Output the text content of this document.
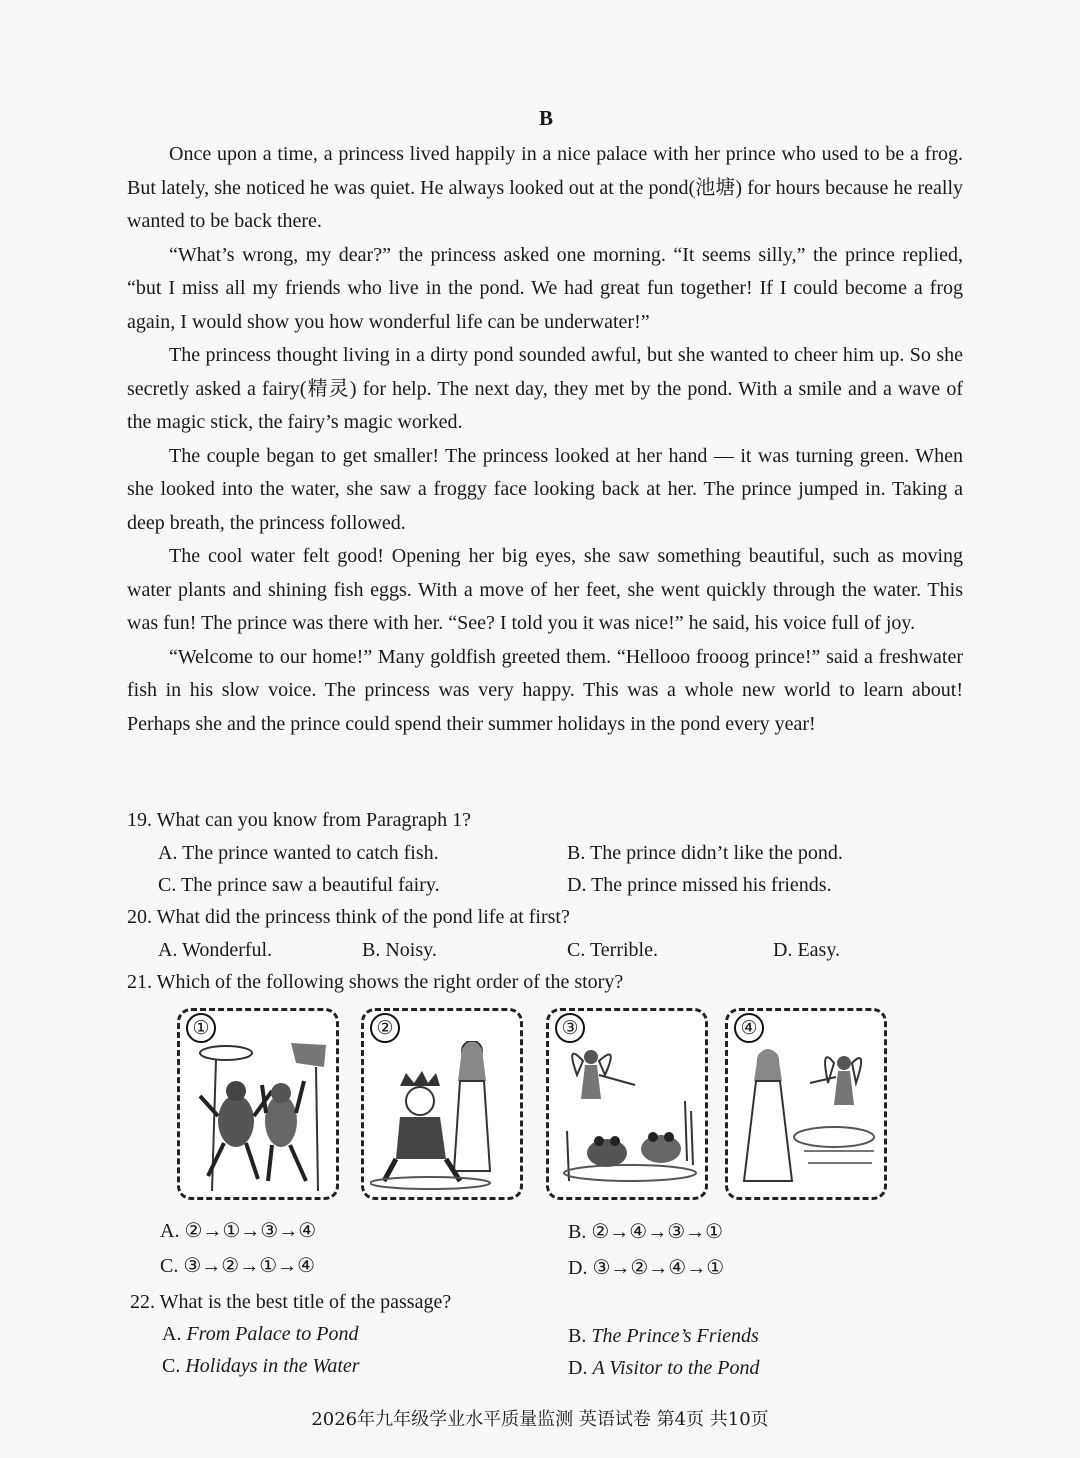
B

Once upon a time, a princess lived happily in a nice palace with her prince who used to be a frog. But lately, she noticed he was quiet. He always looked out at the pond(池塘) for hours because he really wanted to be back there.

“What’s wrong, my dear?” the princess asked one morning. “It seems silly,” the prince replied, “but I miss all my friends who live in the pond. We had great fun together! If I could become a frog again, I would show you how wonderful life can be underwater!”

The princess thought living in a dirty pond sounded awful, but she wanted to cheer him up. So she secretly asked a fairy(精灵) for help. The next day, they met by the pond. With a smile and a wave of the magic stick, the fairy’s magic worked.

The couple began to get smaller! The princess looked at her hand — it was turning green. When she looked into the water, she saw a froggy face looking back at her. The prince jumped in. Taking a deep breath, the princess followed.

The cool water felt good! Opening her big eyes, she saw something beautiful, such as moving water plants and shining fish eggs. With a move of her feet, she went quickly through the water. This was fun! The prince was there with her. “See? I told you it was nice!” he said, his voice full of joy.

“Welcome to our home!” Many goldfish greeted them. “Hellooo frooog prince!” said a freshwater fish in his slow voice. The princess was very happy. This was a whole new world to learn about! Perhaps she and the prince could spend their summer holidays in the pond every year!

19. What can you know from Paragraph 1?
A. The prince wanted to catch fish.	B. The prince didn’t like the pond.
C. The prince saw a beautiful fairy.	D. The prince missed his friends.
20. What did the princess think of the pond life at first?
A. Wonderful.	B. Noisy.	C. Terrible.	D. Easy.
21. Which of the following shows the right order of the story?
①	②	③	④
A. ②→①→③→④	B. ②→④→③→①
C. ③→②→①→④	D. ③→②→④→①
22. What is the best title of the passage?
A. From Palace to Pond	B. The Prince’s Friends
C. Holidays in the Water	D. A Visitor to the Pond
2026年九年级学业水平质量监测 英语试卷 第4页 共10页
